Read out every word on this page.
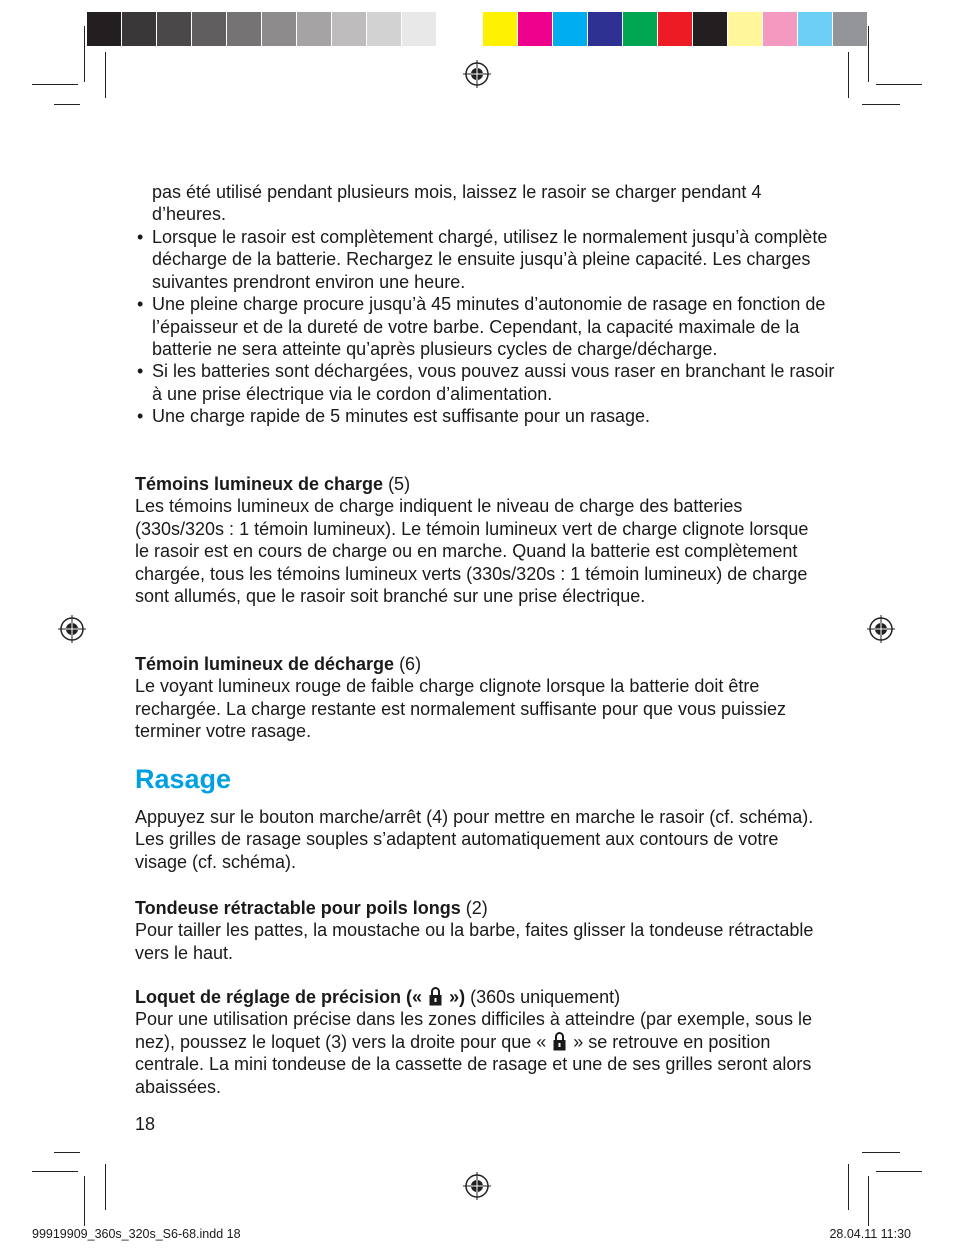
pas été utilisé pendant plusieurs mois, laissez le rasoir se charger pendant 4 d’heures.
• Lorsque le rasoir est complètement chargé, utilisez le normalement jusqu’à complète décharge de la batterie. Rechargez le ensuite jusqu’à pleine capacité. Les charges suivantes prendront environ une heure.
• Une pleine charge procure jusqu’à 45 minutes d’autonomie de rasage en fonction de l’épaisseur et de la dureté de votre barbe. Cependant, la capacité maximale de la batterie ne sera atteinte qu’après plusieurs cycles de charge/décharge.
• Si les batteries sont déchargées, vous pouvez aussi vous raser en branchant le rasoir à une prise électrique via le cordon d’alimentation.
• Une charge rapide de 5 minutes est suffisante pour un rasage.
Témoins lumineux de charge (5)
Les témoins lumineux de charge indiquent le niveau de charge des batteries (330s/320s : 1 témoin lumineux). Le témoin lumineux vert de charge clignote lorsque le rasoir est en cours de charge ou en marche. Quand la batterie est complètement chargée, tous les témoins lumineux verts (330s/320s : 1 témoin lumineux) de charge sont allumés, que le rasoir soit branché sur une prise électrique.
Témoin lumineux de décharge (6)
Le voyant lumineux rouge de faible charge clignote lorsque la batterie doit être rechargée. La charge restante est normalement suffisante pour que vous puissiez terminer votre rasage.
Rasage
Appuyez sur le bouton marche/arrêt (4) pour mettre en marche le rasoir (cf. schéma). Les grilles de rasage souples s’adaptent automatiquement aux contours de votre visage (cf. schéma).
Tondeuse rétractable pour poils longs (2)
Pour tailler les pattes, la moustache ou la barbe, faites glisser la tondeuse rétractable vers le haut.
Loquet de réglage de précision («  ») (360s uniquement)
Pour une utilisation précise dans les zones difficiles à atteindre (par exemple, sous le nez), poussez le loquet (3) vers la droite pour que «  » se retrouve en position centrale. La mini tondeuse de la cassette de rasage et une de ses grilles seront alors abaissées.
18
99919909_360s_320s_S6-68.indd 18	28.04.11 11:30
